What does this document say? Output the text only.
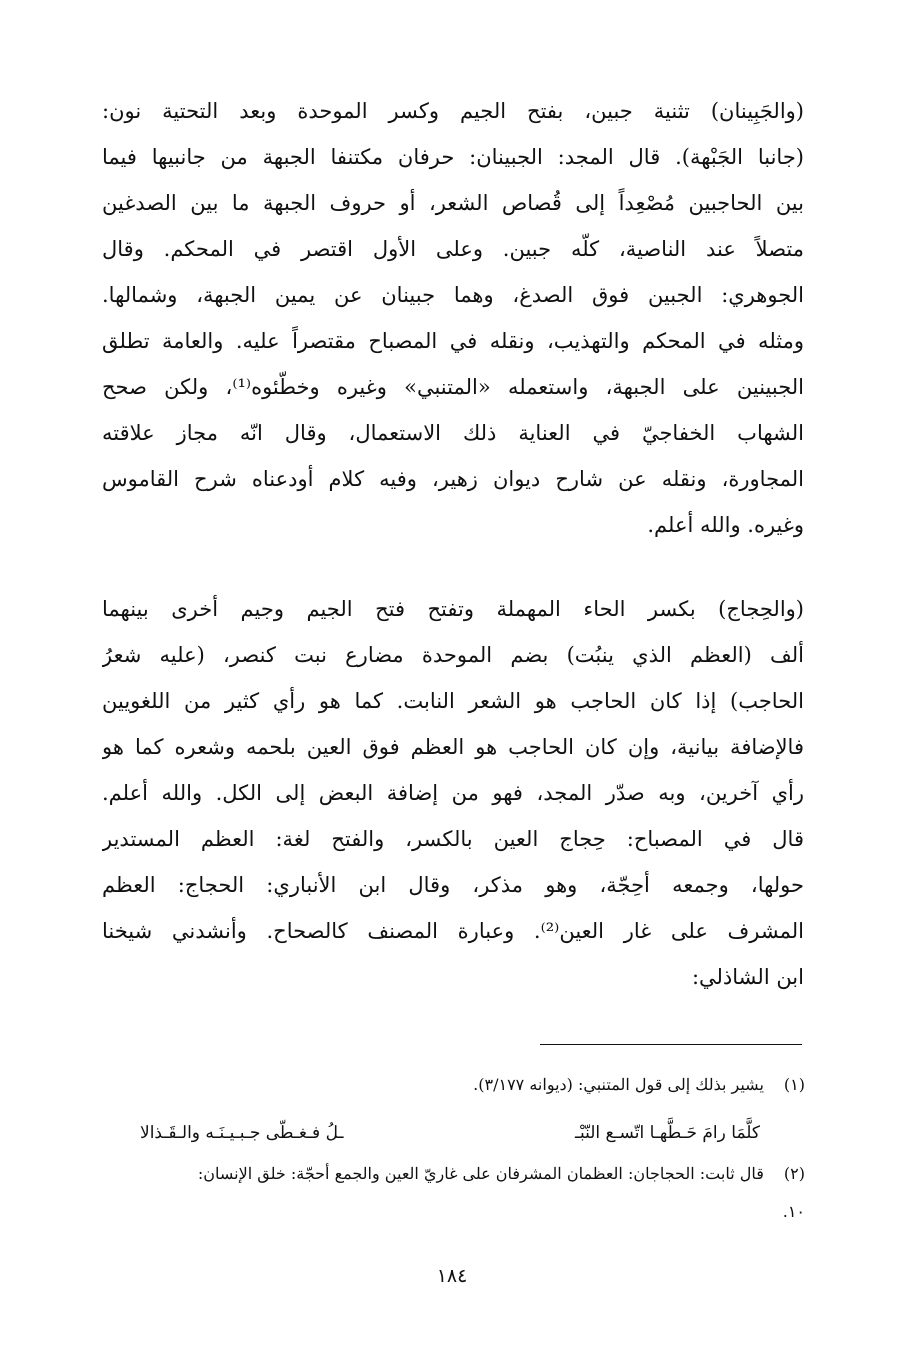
(والجَبِينان) تثنية جبين، بفتح الجيم وكسر الموحدة وبعد التحتية نون:
(جانبا الجَبْهة). قال المجد: الجبينان: حرفان مكتنفا الجبهة من جانبيها فيما
بين الحاجبين مُصْعِداً إلى قُصاص الشعر، أو حروف الجبهة ما بين الصدغين
متصلاً عند الناصية، كلّه جبين. وعلى الأول اقتصر في المحكم. وقال
الجوهري: الجبين فوق الصدغ، وهما جبينان عن يمين الجبهة، وشمالها.
ومثله في المحكم والتهذيب، ونقله في المصباح مقتصراً عليه. والعامة تطلق
الجبينين على الجبهة، واستعمله «المتنبي» وغيره وخطّئوه⁽¹⁾، ولكن صحح
الشهاب الخفاجيّ في العناية ذلك الاستعمال، وقال انّه مجاز علاقته
المجاورة، ونقله عن شارح ديوان زهير، وفيه كلام أودعناه شرح القاموس
وغيره. والله أعلم.
(والحِجاج) بكسر الحاء المهملة وتفتح فتح الجيم وجيم أخرى بينهما
ألف (العظم الذي ينبُت) بضم الموحدة مضارع نبت كنصر، (عليه شعرُ
الحاجب) إذا كان الحاجب هو الشعر النابت. كما هو رأي كثير من اللغويين
فالإضافة بيانية، وإن كان الحاجب هو العظم فوق العين بلحمه وشعره كما هو
رأي آخرين، وبه صدّر المجد، فهو من إضافة البعض إلى الكل. والله أعلم.
قال في المصباح: حِجاج العين بالكسر، والفتح لغة: العظم المستدير
حولها، وجمعه أحِجّة، وهو مذكر، وقال ابن الأنباري: الحجاج: العظم
المشرف على غار العين⁽²⁾. وعبارة المصنف كالصحاح. وأنشدني شيخنا
ابن الشاذلي:
(١) يشير بذلك إلى قول المتنبي: (ديوانه ٣/١٧٧).
كلَّمَا رامَ حَـطَّهـا اتّسـع النّبْـ
ـلُ فـغـطّى جـبـيـنَـه والـقَـذالا
(٢) قال ثابت: الحجاجان: العظمان المشرفان على غاريّ العين والجمع أحجّة: خلق الإنسان:
١٠.
١٨٤
